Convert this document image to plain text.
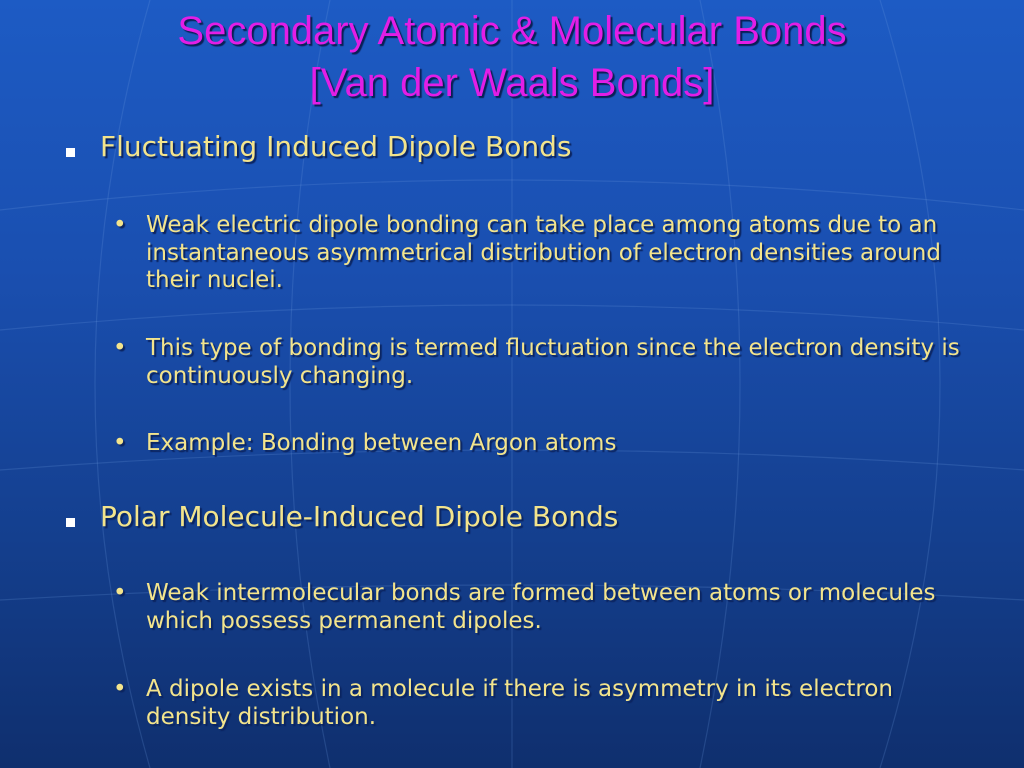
Secondary Atomic & Molecular Bonds
[Van der Waals Bonds]
Fluctuating Induced Dipole Bonds
• Weak electric dipole bonding can take place among atoms due to an instantaneous asymmetrical distribution of electron densities around their nuclei.
• This type of bonding is termed fluctuation since the electron density is continuously changing.
• Example: Bonding between Argon atoms
Polar Molecule-Induced Dipole Bonds
• Weak intermolecular bonds are formed between atoms or molecules which possess permanent dipoles.
• A dipole exists in a molecule if there is asymmetry in its electron density distribution.
